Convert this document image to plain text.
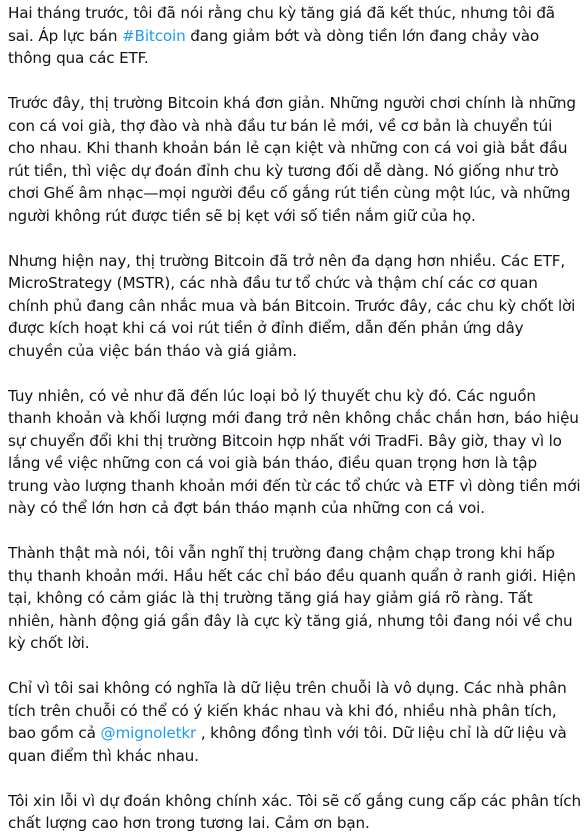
Hai tháng trước, tôi đã nói rằng chu kỳ tăng giá đã kết thúc, nhưng tôi đã sai. Áp lực bán #Bitcoin đang giảm bớt và dòng tiền lớn đang chảy vào thông qua các ETF.

Trước đây, thị trường Bitcoin khá đơn giản. Những người chơi chính là những con cá voi già, thợ đào và nhà đầu tư bán lẻ mới, về cơ bản là chuyển túi cho nhau. Khi thanh khoản bán lẻ cạn kiệt và những con cá voi già bắt đầu rút tiền, thì việc dự đoán đỉnh chu kỳ tương đối dễ dàng. Nó giống như trò chơi Ghế âm nhạc—mọi người đều cố gắng rút tiền cùng một lúc, và những người không rút được tiền sẽ bị kẹt với số tiền nắm giữ của họ.

Nhưng hiện nay, thị trường Bitcoin đã trở nên đa dạng hơn nhiều. Các ETF, MicroStrategy (MSTR), các nhà đầu tư tổ chức và thậm chí các cơ quan chính phủ đang cân nhắc mua và bán Bitcoin. Trước đây, các chu kỳ chốt lời được kích hoạt khi cá voi rút tiền ở đỉnh điểm, dẫn đến phản ứng dây chuyền của việc bán tháo và giá giảm.

Tuy nhiên, có vẻ như đã đến lúc loại bỏ lý thuyết chu kỳ đó. Các nguồn thanh khoản và khối lượng mới đang trở nên không chắc chắn hơn, báo hiệu sự chuyển đổi khi thị trường Bitcoin hợp nhất với TradFi. Bây giờ, thay vì lo lắng về việc những con cá voi già bán tháo, điều quan trọng hơn là tập trung vào lượng thanh khoản mới đến từ các tổ chức và ETF vì dòng tiền mới này có thể lớn hơn cả đợt bán tháo mạnh của những con cá voi.

Thành thật mà nói, tôi vẫn nghĩ thị trường đang chậm chạp trong khi hấp thụ thanh khoản mới. Hầu hết các chỉ báo đều quanh quẩn ở ranh giới. Hiện tại, không có cảm giác là thị trường tăng giá hay giảm giá rõ ràng. Tất nhiên, hành động giá gần đây là cực kỳ tăng giá, nhưng tôi đang nói về chu kỳ chốt lời.

Chỉ vì tôi sai không có nghĩa là dữ liệu trên chuỗi là vô dụng. Các nhà phân tích trên chuỗi có thể có ý kiến khác nhau và khi đó, nhiều nhà phân tích, bao gồm cả @mignoletkr , không đồng tình với tôi. Dữ liệu chỉ là dữ liệu và quan điểm thì khác nhau.

Tôi xin lỗi vì dự đoán không chính xác. Tôi sẽ cố gắng cung cấp các phân tích chất lượng cao hơn trong tương lai. Cảm ơn bạn.
